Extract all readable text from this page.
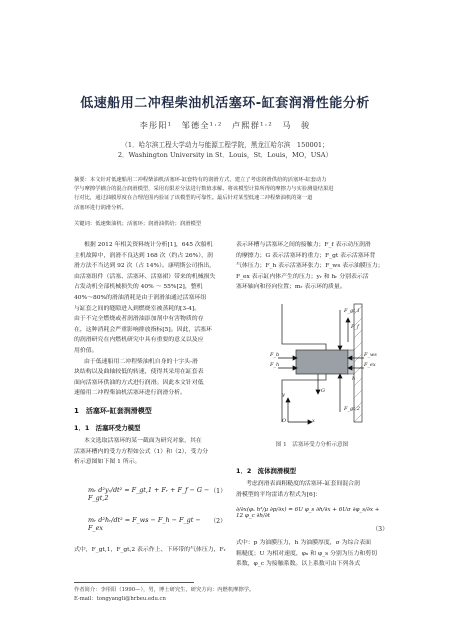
低速船用二冲程柴油机活塞环-缸套润滑性能分析
李彤阳¹　邹德全¹·²　卢熙群¹·²　马　骏
（1．哈尔滨工程大学动力与能源工程学院，黑龙江哈尔滨　150001；
2．Washington University in St．Louis，St．Louis，MO，USA）
摘要：本文针对低速船用二冲程柴油机活塞环-缸套特有的润滑方式，建立了考虑润滑供给的活塞环-缸套动力
学与摩擦学耦合的混合润滑模型，采用有限差分法进行数值求解。将该模型计算所得的摩擦力与实验测量结果进
行对比，通过油膜厚度在合理范围内验证了该模型的可靠性。最后针对某型低速二冲程柴油机的第一道
活塞环进行润滑分析。
关键词：低速柴油机；活塞环；润滑油供给；润滑模型
根据 2012 年相关资料统计分析[1]，645 次船机
主机故障中，润滑不良达到 168 次（约占 26%），润
滑方法不当达到 92 次（占 14%）。康明斯公司指出，
由活塞组件（活塞、活塞环、活塞裙）带来的机械损失
占发动机全部机械损失的 40% ～ 55%[2]，整机
40%～80%的滑油消耗是由于润滑油通过活塞环组
与缸套之间的缝隙进入到燃烧室被蒸耗的[3-4]。
由于不完全燃烧或者润滑油添加剂中有害物质的存
在，这种消耗会严重影响排放指标[5]。因此，活塞环
的润滑研究在内燃机研究中具有重要的意义以及应
用价值。
由于低速船用二冲程柴油机自身的十字头-滑
块结构以及曲轴较低的转速，使得其采用在缸套表
面向活塞环供油的方式进行润滑。因此本文针对低
速船用二冲程柴油机活塞环进行润滑分析。
1　活塞环-缸套润滑模型
1．1　活塞环受力模型
本文选取活塞环的某一截面为研究对象，其在
活塞环槽内的受力方程如公式（1）和（2），受力分
析示意图如下图 1 所示。
mᵣ d²yᵣ/dt² = F_gt,1 + Fᵣ + F_f − G − F_gt,2
（1）
mᵣ d²hᵣ/dt² = F_ws − F_h − F_gt − F_ex
（2）
式中，F_gt,1，F_gt,2 表示作上、下环带的气体压力，Fᵣ
表示环槽与活塞环之间的接触力；F_f 表示动压润滑
的摩擦力；G 表示活塞环的重力；F_gt 表示活塞环背
气体压力；F_h 表示活塞环张力；F_ws 表示油膜压力；
F_ex 表示缸内体产生的压力；yᵣ 和 hᵣ 分别表示活
塞环轴向和径向位置；mᵣ 表示环的质量。
F_gt,1
F_f
F_b
F_h
F_ws
F_ex
G
F_gt,2
y
x
O
h
图 1　活塞环受力分析示意图
1．2　流体润滑模型
考虑润滑表面粗糙度的活塞环-缸套间混合润
滑模型的平均雷诺方程式为[6]：
∂/∂x(φₓ h³/μ ∂p/∂x) = 6U φ_s ∂h/∂x + 6Uσ ∂φ_s/∂x + 12 φ_c ∂h/∂t
（3）
式中：p 为油膜压力，h 为油膜厚度，σ 为综合表面
粗糙度；U 为相对速度，φₓ 和 φ_s 分别为压力和剪切
系数，φ_c 为接触系数。以上系数可由下列各式
作者简介：李彤阳（1990—），男，博士研究生，研究方向：内燃机摩擦学。
E-mail：tongyangli@hrbeu.edu.cn
